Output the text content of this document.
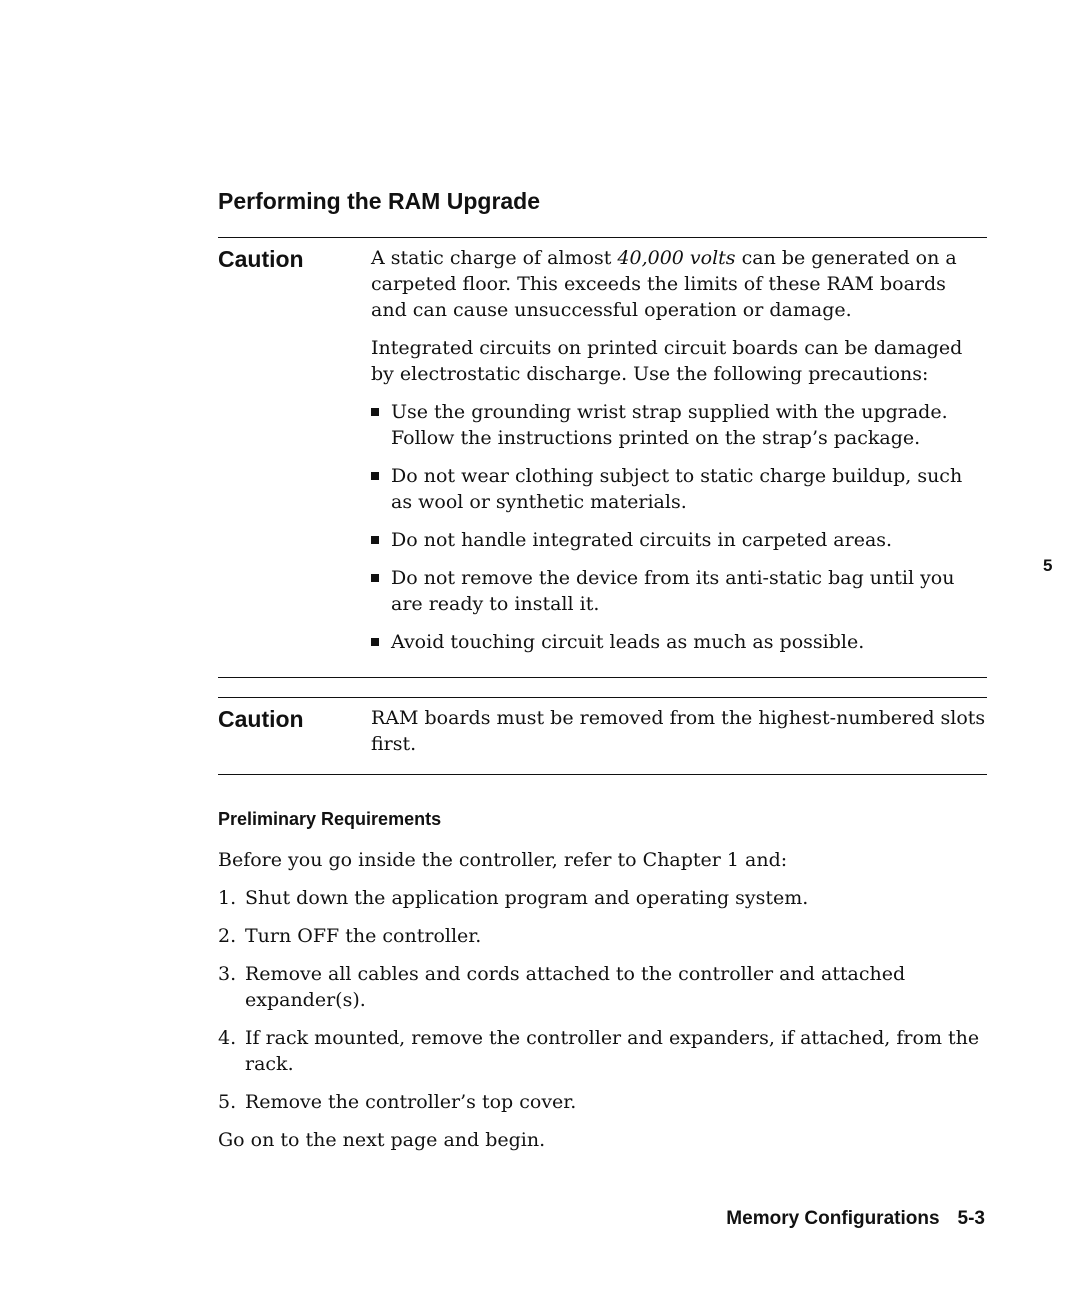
Performing the RAM Upgrade
Caution	A static charge of almost 40,000 volts can be generated on a carpeted floor. This exceeds the limits of these RAM boards and can cause unsuccessful operation or damage.

Integrated circuits on printed circuit boards can be damaged by electrostatic discharge. Use the following precautions:

Use the grounding wrist strap supplied with the upgrade. Follow the instructions printed on the strap’s package.
Do not wear clothing subject to static charge buildup, such as wool or synthetic materials.
Do not handle integrated circuits in carpeted areas.
Do not remove the device from its anti-static bag until you are ready to install it.
Avoid touching circuit leads as much as possible.
Caution	RAM boards must be removed from the highest-numbered slots first.

Preliminary Requirements

Before you go inside the controller, refer to Chapter 1 and:

1. Shut down the application program and operating system.
2. Turn OFF the controller.
3. Remove all cables and cords attached to the controller and attached expander(s).
4. If rack mounted, remove the controller and expanders, if attached, from the rack.
5. Remove the controller’s top cover.

Go on to the next page and begin.

5
Memory Configurations 5-3
